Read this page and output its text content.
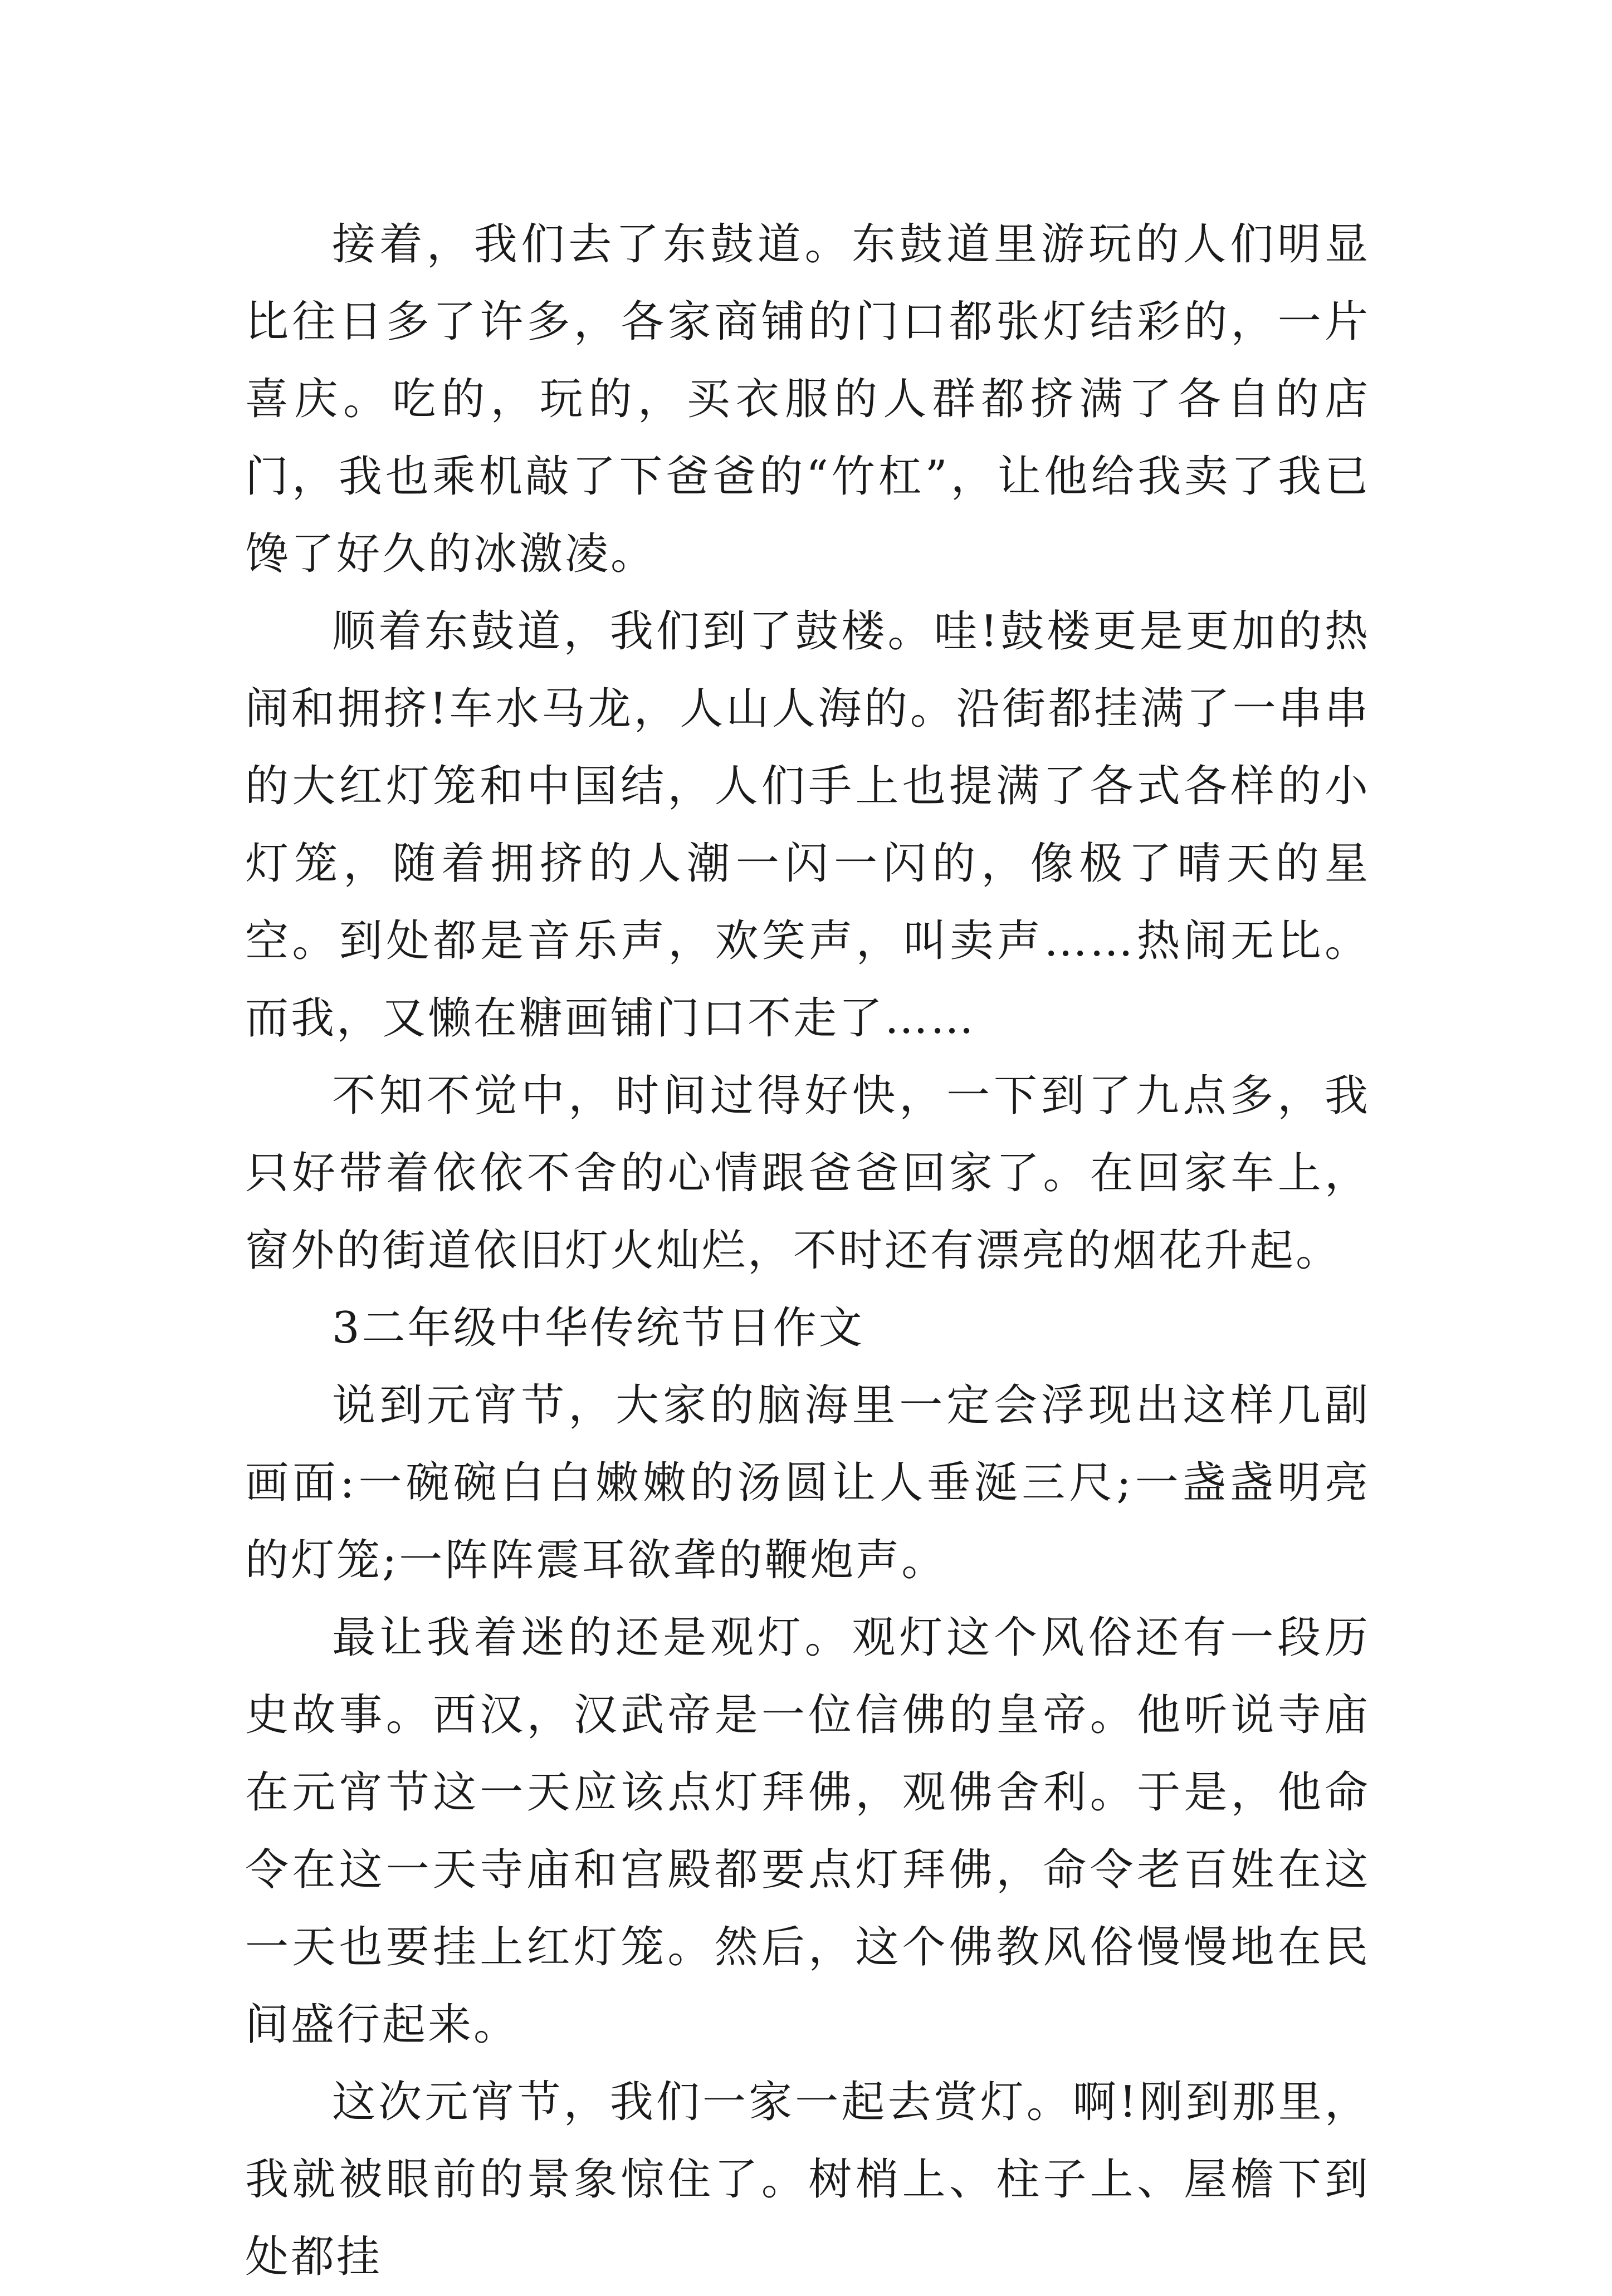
接着，我们去了东鼓道。东鼓道里游玩的人们明显比往日多了许多，各家商铺的门口都张灯结彩的，一片喜庆。吃的，玩的，买衣服的人群都挤满了各自的店门，我也乘机敲了下爸爸的“竹杠”，让他给我卖了我已馋了好久的冰激凌。

顺着东鼓道，我们到了鼓楼。哇!鼓楼更是更加的热闹和拥挤!车水马龙，人山人海的。沿街都挂满了一串串的大红灯笼和中国结，人们手上也提满了各式各样的小灯笼，随着拥挤的人潮一闪一闪的，像极了晴天的星空。到处都是音乐声，欢笑声，叫卖声……热闹无比。而我，又懒在糖画铺门口不走了……

不知不觉中，时间过得好快，一下到了九点多，我只好带着依依不舍的心情跟爸爸回家了。在回家车上，窗外的街道依旧灯火灿烂，不时还有漂亮的烟花升起。

3二年级中华传统节日作文

说到元宵节，大家的脑海里一定会浮现出这样几副画面:一碗碗白白嫩嫩的汤圆让人垂涎三尺;一盏盏明亮的灯笼;一阵阵震耳欲聋的鞭炮声。

最让我着迷的还是观灯。观灯这个风俗还有一段历史故事。西汉，汉武帝是一位信佛的皇帝。他听说寺庙在元宵节这一天应该点灯拜佛，观佛舍利。于是，他命令在这一天寺庙和宫殿都要点灯拜佛，命令老百姓在这一天也要挂上红灯笼。然后，这个佛教风俗慢慢地在民间盛行起来。

这次元宵节，我们一家一起去赏灯。啊!刚到那里，我就被眼前的景象惊住了。树梢上、柱子上、屋檐下到处都挂
